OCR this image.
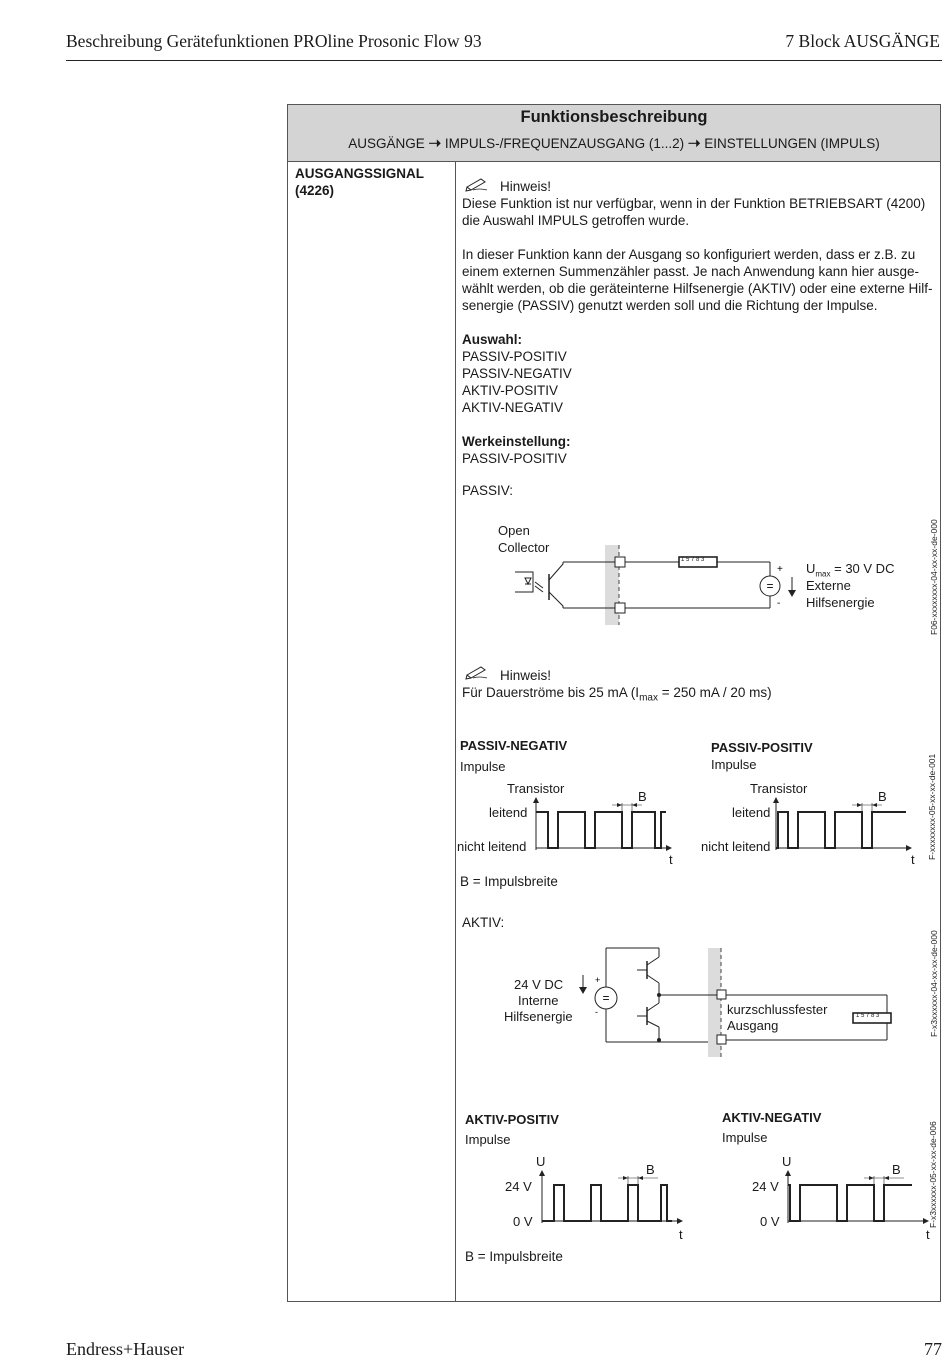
Beschreibung Gerätefunktionen PROline Prosonic Flow 93	7 Block AUSGÄNGE
Funktionsbeschreibung
AUSGÄNGE ➝ IMPULS-/FREQUENZAUSGANG (1...2) ➝ EINSTELLUNGEN (IMPULS)
AUSGANGSSIGNAL
(4226)	Hinweis!
Diese Funktion ist nur verfügbar, wenn in der Funktion BETRIEBSART (4200)
die Auswahl IMPULS getroffen wurde.
In dieser Funktion kann der Ausgang so konfiguriert werden, dass er z.B. zu
einem externen Summenzähler passt. Je nach Anwendung kann hier ausge-
wählt werden, ob die geräteinterne Hilfsenergie (AKTIV) oder eine externe Hilf-
senergie (PASSIV) genutzt werden soll und die Richtung der Impulse.
Auswahl:
PASSIV-POSITIV
PASSIV-NEGATIV
AKTIV-POSITIV
AKTIV-NEGATIV
Werkeinstellung:
PASSIV-POSITIV
PASSIV:
Open
Collector
=
+
-
1 5 7 8 3
$U_{max} = 30$ V DC
Externe
Hilfsenergie	F06-xxxxxxxx-04-xx-xx-de-000
Hinweis!
Für Dauerströme bis 25 mA ($I_{max} = 250$ mA / 20 ms)
PASSIV-NEGATIV
Impulse
Transistor
leitend
nicht leitend
B
t
PASSIV-POSITIV
Impulse
Transistor
leitend
nicht leitend
B
t
B = Impulsbreite
F-xxxxxxxx-05-xx-xx-de-001
AKTIV:
24 V DC
Interne
Hilfsenergie
+
-
=
1 5 7 8 3
kurzschlussfester
Ausgang	F-x3xxxxxx-04-xx-xx-de-000
AKTIV-POSITIV
Impulse
U
24 V
0 V
B
t
AKTIV-NEGATIV
Impulse
U
24 V
0 V
B
t
B = Impulsbreite
F-x3xxxxxx-05-xx-xx-de-006
Endress+Hauser	77
